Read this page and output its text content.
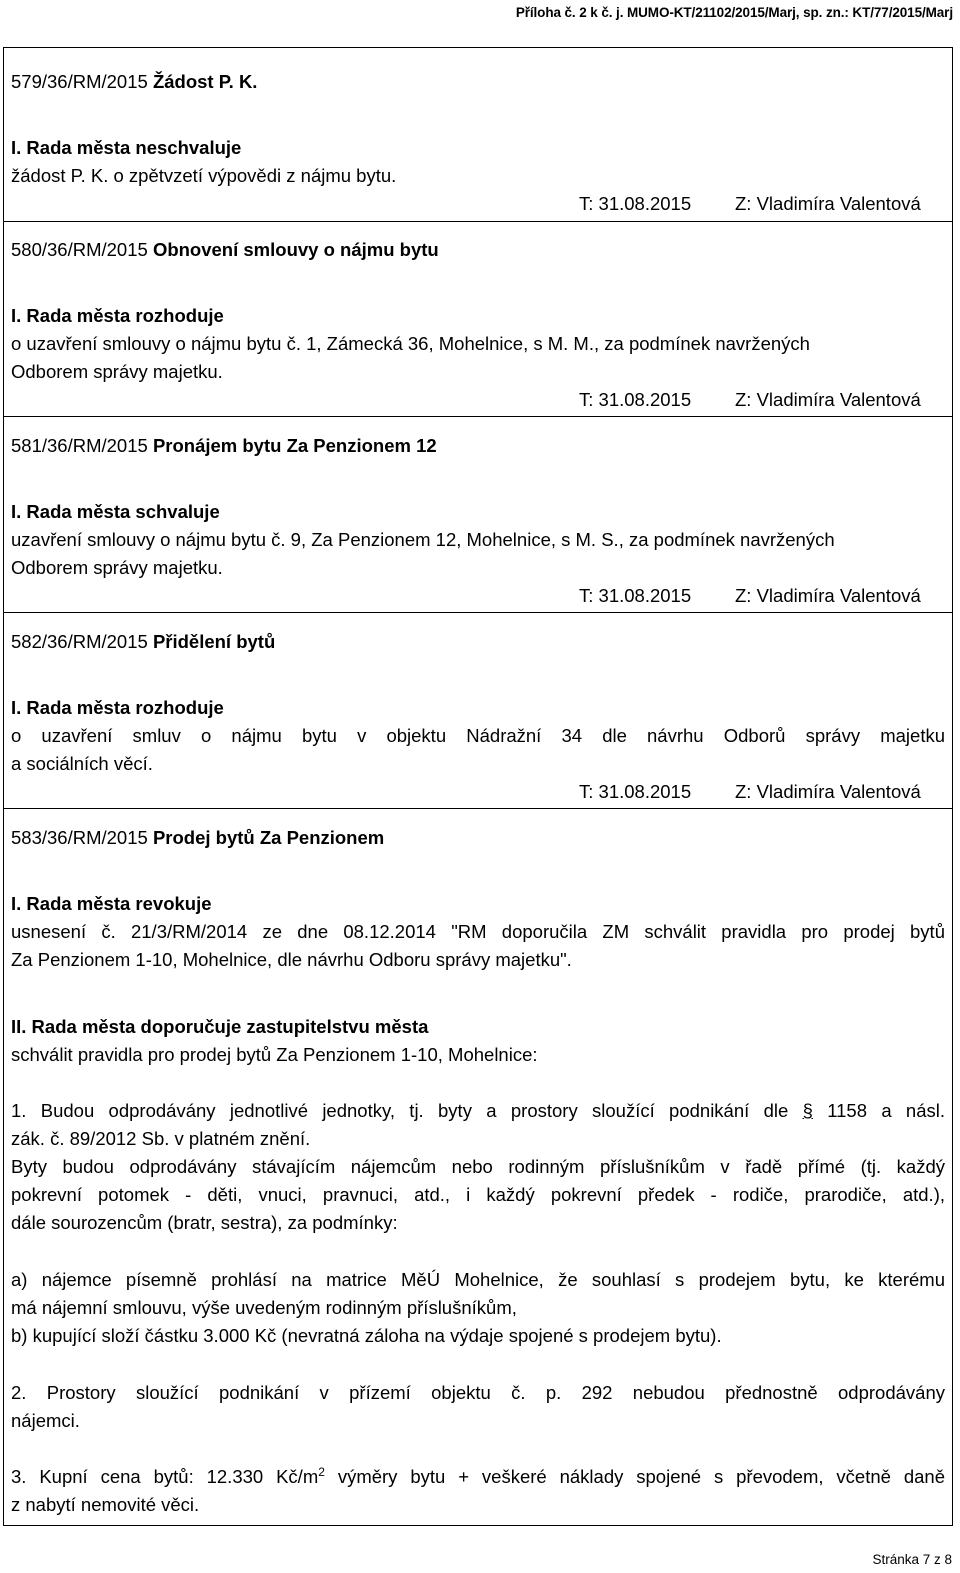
Příloha č. 2 k č. j. MUMO-KT/21102/2015/Marj, sp. zn.: KT/77/2015/Marj
579/36/RM/2015 Žádost P. K.
I. Rada města neschvaluje
žádost P. K. o zpětvzetí výpovědi z nájmu bytu.
T: 31.08.2015 Z: Vladimíra Valentová
580/36/RM/2015 Obnovení smlouvy o nájmu bytu
I. Rada města rozhoduje
o uzavření smlouvy o nájmu bytu č. 1, Zámecká 36, Mohelnice, s M. M., za podmínek navržených
Odborem správy majetku.
T: 31.08.2015 Z: Vladimíra Valentová
581/36/RM/2015 Pronájem bytu Za Penzionem 12
I. Rada města schvaluje
uzavření smlouvy o nájmu bytu č. 9, Za Penzionem 12, Mohelnice, s M. S., za podmínek navržených
Odborem správy majetku.
T: 31.08.2015 Z: Vladimíra Valentová
582/36/RM/2015 Přidělení bytů
I. Rada města rozhoduje
o uzavření smluv o nájmu bytu v objektu Nádražní 34 dle návrhu Odborů správy majetku
a sociálních věcí.
T: 31.08.2015 Z: Vladimíra Valentová
583/36/RM/2015 Prodej bytů Za Penzionem
I. Rada města revokuje
usnesení č. 21/3/RM/2014 ze dne 08.12.2014 "RM doporučila ZM schválit pravidla pro prodej bytů
Za Penzionem 1-10, Mohelnice, dle návrhu Odboru správy majetku".
II. Rada města doporučuje zastupitelstvu města
schválit pravidla pro prodej bytů Za Penzionem 1-10, Mohelnice:
1. Budou odprodávány jednotlivé jednotky, tj. byty a prostory sloužící podnikání dle § 1158 a násl.
zák. č. 89/2012 Sb. v platném znění.
Byty budou odprodávány stávajícím nájemcům nebo rodinným příslušníkům v řadě přímé (tj. každý
pokrevní potomek - děti, vnuci, pravnuci, atd., i každý pokrevní předek - rodiče, prarodiče, atd.),
dále sourozencům (bratr, sestra), za podmínky:
a) nájemce písemně prohlásí na matrice MěÚ Mohelnice, že souhlasí s prodejem bytu, ke kterému
má nájemní smlouvu, výše uvedeným rodinným příslušníkům,
b) kupující složí částku 3.000 Kč (nevratná záloha na výdaje spojené s prodejem bytu).
2. Prostory sloužící podnikání v přízemí objektu č. p. 292 nebudou přednostně odprodávány
nájemci.
3. Kupní cena bytů: 12.330 $Kč/m^2$ výměry bytu + veškeré náklady spojené s převodem, včetně daně
z nabytí nemovité věci.
Stránka 7 z 8
